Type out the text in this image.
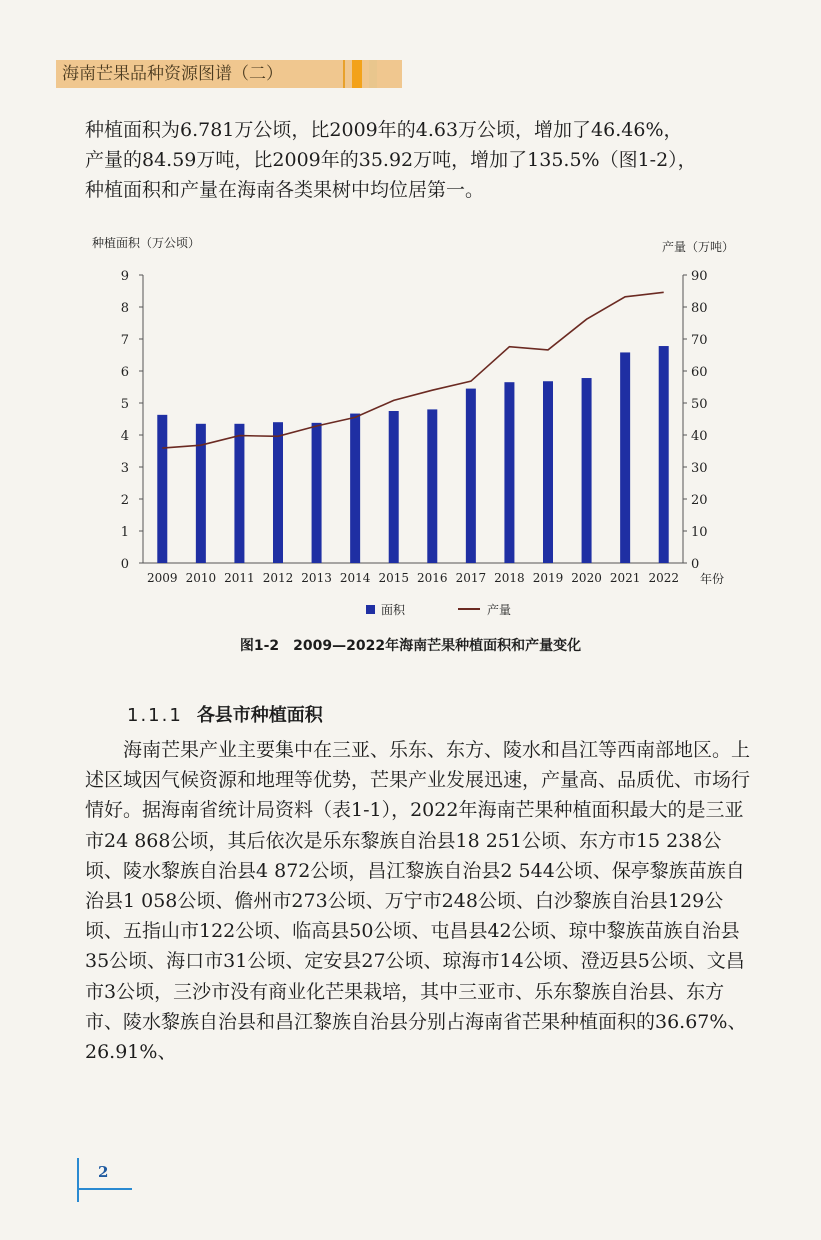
海南芒果品种资源图谱（二）
种植面积为6.781万公顷，比2009年的4.63万公顷，增加了46.46%，
产量的84.59万吨，比2009年的35.92万吨，增加了135.5%（图1-2），
种植面积和产量在海南各类果树中均位居第一。
种植面积（万公顷）	产量（万吨）
0
1
2
3
4
5
6
7
8
9
0
10
20
30
40
50
60
70
80
90
2009 2010 2011 2012 2013 2014 2015 2016 2017 2018 2019 2020 2021 2022 年份
面积	产量
图1-2　2009—2022年海南芒果种植面积和产量变化
1.1.1 各县市种植面积

海南芒果产业主要集中在三亚、乐东、东方、陵水和昌江等西南部地区。上述区域因气候资源和地理等优势，芒果产业发展迅速，产量高、品质优、市场行情好。据海南省统计局资料（表1-1），2022年海南芒果种植面积最大的是三亚市24 868公顷，其后依次是乐东黎族自治县18 251公顷、东方市15 238公顷、陵水黎族自治县4 872公顷，昌江黎族自治县2 544公顷、保亭黎族苗族自治县1 058公顷、儋州市273公顷、万宁市248公顷、白沙黎族自治县129公顷、五指山市122公顷、临高县50公顷、屯昌县42公顷、琼中黎族苗族自治县35公顷、海口市31公顷、定安县27公顷、琼海市14公顷、澄迈县5公顷、文昌市3公顷，三沙市没有商业化芒果栽培，其中三亚市、乐东黎族自治县、东方市、陵水黎族自治县和昌江黎族自治县分别占海南省芒果种植面积的36.67%、26.91%、

2
